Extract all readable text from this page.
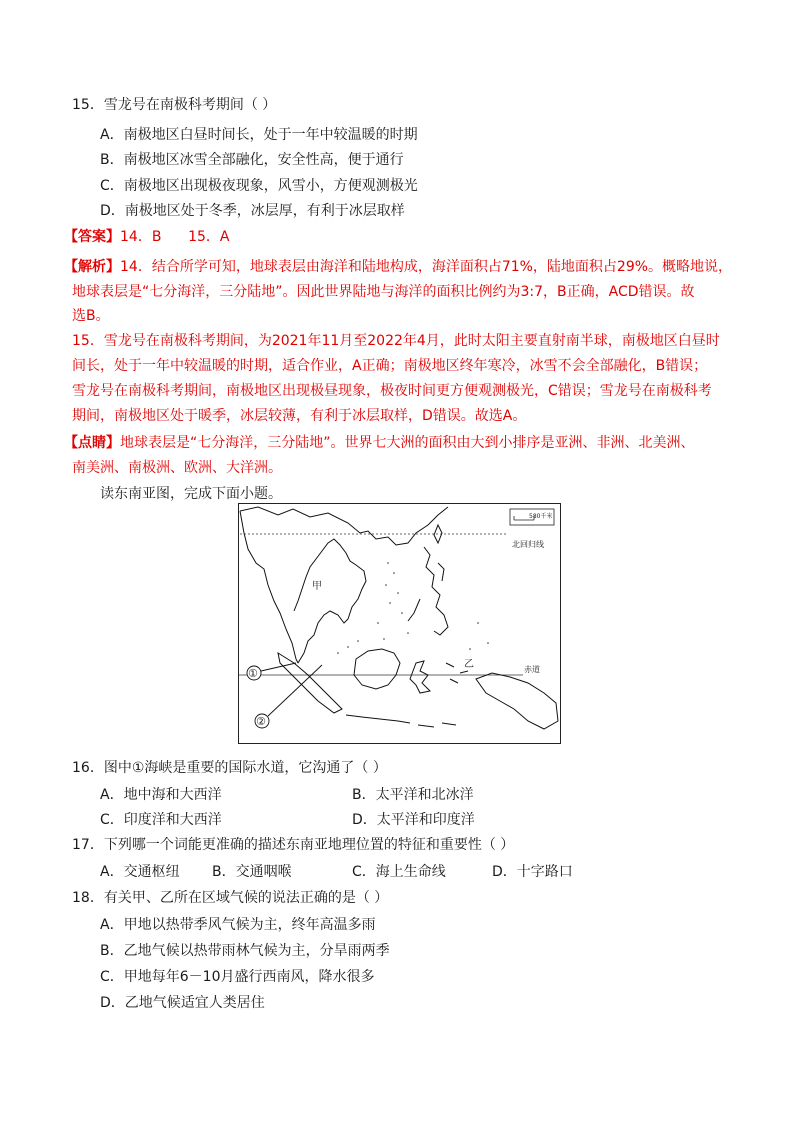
15．雪龙号在南极科考期间（ ）
A．南极地区白昼时间长，处于一年中较温暖的时期
B．南极地区冰雪全部融化，安全性高，便于通行
C．南极地区出现极夜现象，风雪小，方便观测极光
D．南极地区处于冬季，冰层厚，有利于冰层取样
【答案】14．B      15．A
【解析】14．结合所学可知，地球表层由海洋和陆地构成，海洋面积占71%，陆地面积占29%。概略地说，
地球表层是“七分海洋，三分陆地”。因此世界陆地与海洋的面积比例约为3:7，B正确，ACD错误。故
选B。
15．雪龙号在南极科考期间，为2021年11月至2022年4月，此时太阳主要直射南半球，南极地区白昼时
间长，处于一年中较温暖的时期，适合作业，A正确；南极地区终年寒冷，冰雪不会全部融化，B错误；
雪龙号在南极科考期间，南极地区出现极昼现象，极夜时间更方便观测极光，C错误；雪龙号在南极科考
期间，南极地区处于暖季，冰层较薄，有利于冰层取样，D错误。故选A。
【点睛】地球表层是“七分海洋，三分陆地”。世界七大洲的面积由大到小排序是亚洲、非洲、北美洲、
南美洲、南极洲、欧洲、大洋洲。
读东南亚图，完成下面小题。
580千米
北回归线
赤道
甲
乙
①
②
16．图中①海峡是重要的国际水道，它沟通了（ ）
A．地中海和大西洋	B．太平洋和北冰洋
C．印度洋和大西洋	D．太平洋和印度洋
17．下列哪一个词能更准确的描述东南亚地理位置的特征和重要性（ ）
A．交通枢纽 B．交通咽喉	C．海上生命线	D．十字路口
18．有关甲、乙所在区域气候的说法正确的是（ ）
A．甲地以热带季风气候为主，终年高温多雨
B．乙地气候以热带雨林气候为主，分旱雨两季
C．甲地每年6－10月盛行西南风，降水很多
D．乙地气候适宜人类居住
